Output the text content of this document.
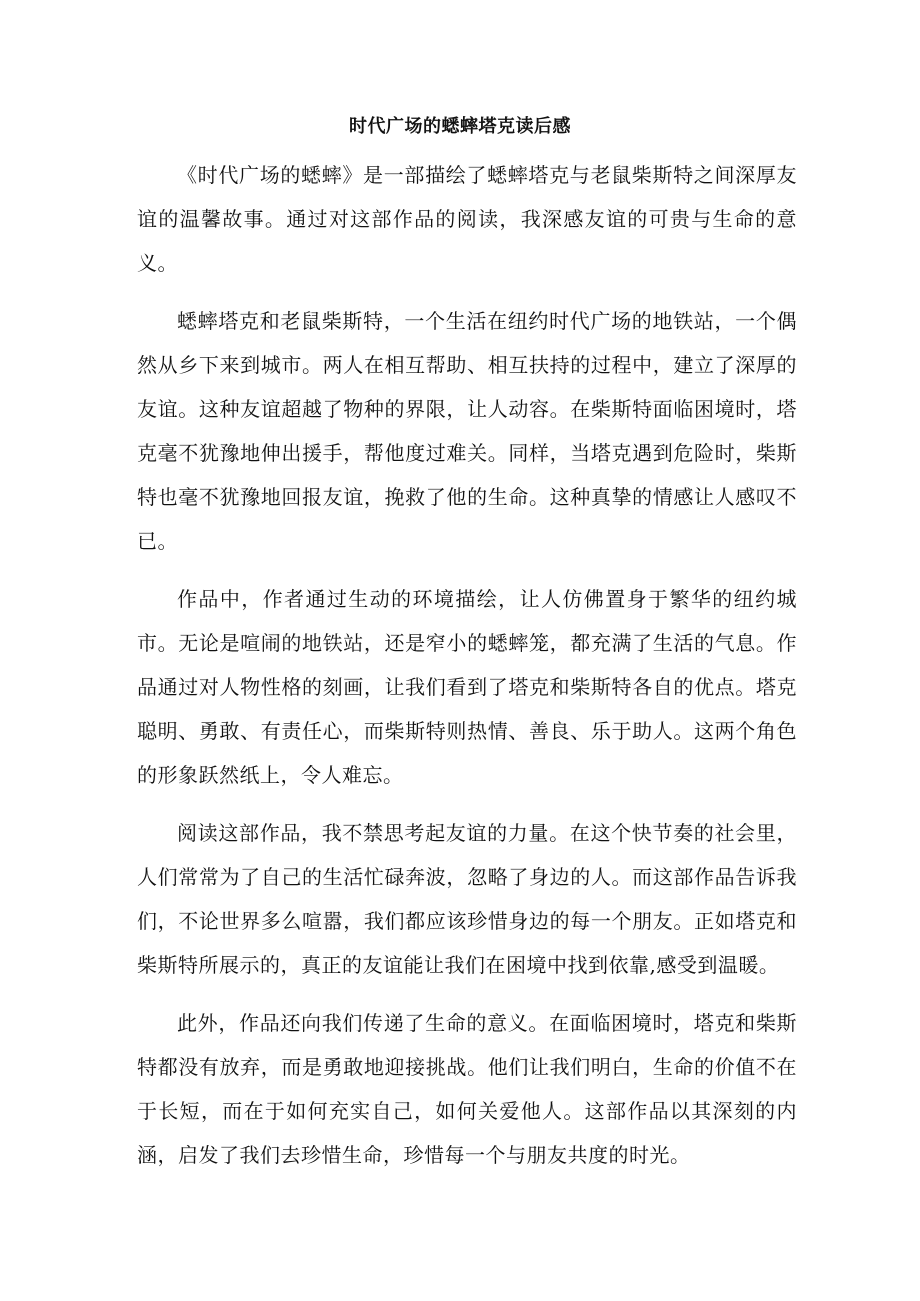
时代广场的蟋蟀塔克读后感

《时代广场的蟋蟀》是一部描绘了蟋蟀塔克与老鼠柴斯特之间深厚友谊的温馨故事。通过对这部作品的阅读，我深感友谊的可贵与生命的意义。

蟋蟀塔克和老鼠柴斯特，一个生活在纽约时代广场的地铁站，一个偶然从乡下来到城市。两人在相互帮助、相互扶持的过程中，建立了深厚的友谊。这种友谊超越了物种的界限，让人动容。在柴斯特面临困境时，塔克毫不犹豫地伸出援手，帮他度过难关。同样，当塔克遇到危险时，柴斯特也毫不犹豫地回报友谊，挽救了他的生命。这种真挚的情感让人感叹不已。

作品中，作者通过生动的环境描绘，让人仿佛置身于繁华的纽约城市。无论是喧闹的地铁站，还是窄小的蟋蟀笼，都充满了生活的气息。作品通过对人物性格的刻画，让我们看到了塔克和柴斯特各自的优点。塔克聪明、勇敢、有责任心，而柴斯特则热情、善良、乐于助人。这两个角色的形象跃然纸上，令人难忘。

阅读这部作品，我不禁思考起友谊的力量。在这个快节奏的社会里，人们常常为了自己的生活忙碌奔波，忽略了身边的人。而这部作品告诉我们，不论世界多么喧嚣，我们都应该珍惜身边的每一个朋友。正如塔克和柴斯特所展示的，真正的友谊能让我们在困境中找到依靠,感受到温暖。

此外，作品还向我们传递了生命的意义。在面临困境时，塔克和柴斯特都没有放弃，而是勇敢地迎接挑战。他们让我们明白，生命的价值不在于长短，而在于如何充实自己，如何关爱他人。这部作品以其深刻的内涵，启发了我们去珍惜生命，珍惜每一个与朋友共度的时光。
